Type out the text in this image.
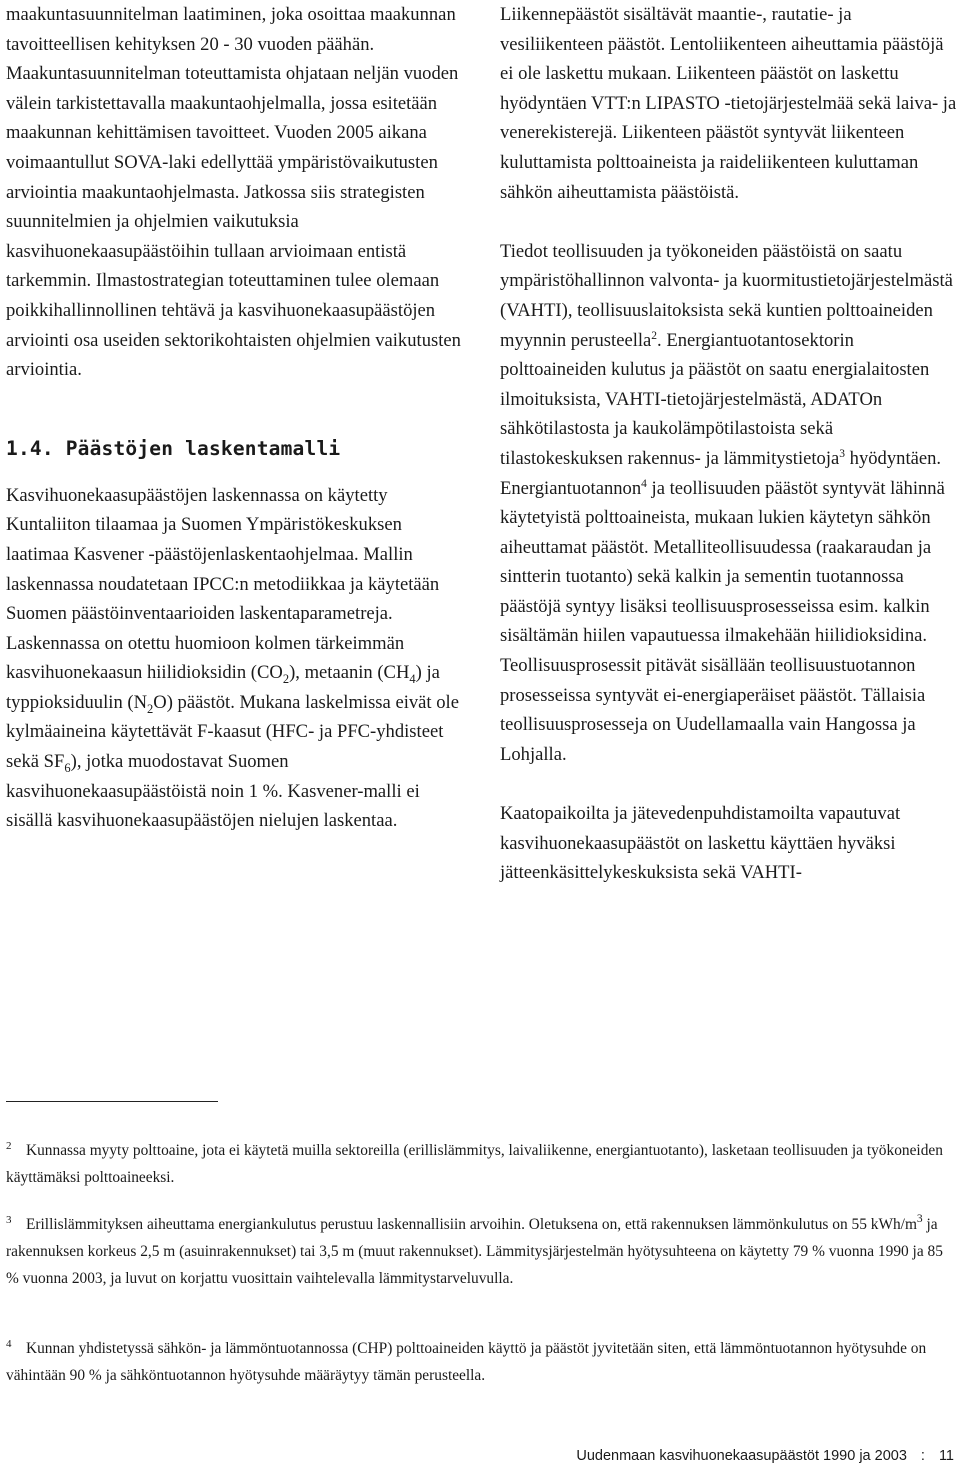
maakuntasuunnitelman laatiminen, joka osoittaa maakunnan tavoitteellisen kehityksen 20 - 30 vuoden päähän. Maakuntasuunnitelman toteuttamista ohjataan neljän vuoden välein tarkistettavalla maakuntaohjelmalla, jossa esitetään maakunnan kehittämisen tavoitteet. Vuoden 2005 aikana voimaantullut SOVA-laki edellyttää ympäristövaikutusten arviointia maakuntaohjelmasta. Jatkossa siis strategisten suunnitelmien ja ohjelmien vaikutuksia kasvihuonekaasupäästöihin tullaan arvioimaan entistä tarkemmin. Ilmastostrategian toteuttaminen tulee olemaan poikkihallinnollinen tehtävä ja kasvihuonekaasupäästöjen arviointi osa useiden sektorikohtaisten ohjelmien vaikutusten arviointia.

1.4. Päästöjen laskentamalli

Kasvihuonekaasupäästöjen laskennassa on käytetty Kuntaliiton tilaamaa ja Suomen Ympäristökeskuksen laatimaa Kasvener -päästöjenlaskentaohjelmaa. Mallin laskennassa noudatetaan IPCC:n metodiikkaa ja käytetään Suomen päästöinventaarioiden laskentaparametreja. Laskennassa on otettu huomioon kolmen tärkeimmän kasvihuonekaasun hiilidioksidin $(CO_2)$, metaanin $(CH_4)$ ja typpioksiduulin $(N_2O)$ päästöt. Mukana laskelmissa eivät ole kylmäaineina käytettävät F-kaasut (HFC- ja PFC-yhdisteet sekä $SF_6$), jotka muodostavat Suomen kasvihuonekaasupäästöistä noin 1 %. Kasvener-malli ei sisällä kasvihuonekaasupäästöjen nielujen laskentaa.

Liikennepäästöt sisältävät maantie-, rautatie- ja vesiliikenteen päästöt. Lentoliikenteen aiheuttamia päästöjä ei ole laskettu mukaan. Liikenteen päästöt on laskettu hyödyntäen VTT:n LIPASTO -tietojärjestelmää sekä laiva- ja venerekisterejä. Liikenteen päästöt syntyvät liikenteen kuluttamista polttoaineista ja raideliikenteen kuluttaman sähkön aiheuttamista päästöistä.

Tiedot teollisuuden ja työkoneiden päästöistä on saatu ympäristöhallinnon valvonta- ja kuormitustietojärjestelmästä (VAHTI), teollisuuslaitoksista sekä kuntien polttoaineiden myynnin perusteella$^2$. Energiantuotantosektorin polttoaineiden kulutus ja päästöt on saatu energialaitosten ilmoituksista, VAHTI-tietojärjestelmästä, ADATOn sähkötilastosta ja kaukolämpötilastoista sekä tilastokeskuksen rakennus- ja lämmitystietoja$^3$ hyödyntäen. Energiantuotannon$^4$ ja teollisuuden päästöt syntyvät lähinnä käytetyistä polttoaineista, mukaan lukien käytetyn sähkön aiheuttamat päästöt. Metalliteollisuudessa (raakaraudan ja sintterin tuotanto) sekä kalkin ja sementin tuotannossa päästöjä syntyy lisäksi teollisuusprosesseissa esim. kalkin sisältämän hiilen vapautuessa ilmakehään hiilidioksidina. Teollisuusprosessit pitävät sisällään teollisuustuotannon prosesseissa syntyvät ei-energiaperäiset päästöt. Tällaisia teollisuusprosesseja on Uudellamaalla vain Hangossa ja Lohjalla.

Kaatopaikoilta ja jätevedenpuhdistamoilta vapautuvat kasvihuonekaasupäästöt on laskettu käyttäen hyväksi jätteenkäsittelykeskuksista sekä VAHTI-

2 Kunnassa myyty polttoaine, jota ei käytetä muilla sektoreilla (erillislämmitys, laivaliikenne, energiantuotanto), lasketaan teollisuuden ja työkoneiden käyttämäksi polttoaineeksi.

3 Erillislämmityksen aiheuttama energiankulutus perustuu laskennallisiin arvoihin. Oletuksena on, että rakennuksen lämmönkulutus on 55 kWh/$m^3$ ja rakennuksen korkeus 2,5 m (asuinrakennukset) tai 3,5 m (muut rakennukset). Lämmitysjärjestelmän hyötysuhteena on käytetty 79 % vuonna 1990 ja 85 % vuonna 2003, ja luvut on korjattu vuosittain vaihtelevalla lämmitystarveluvulla.

4 Kunnan yhdistetyssä sähkön- ja lämmöntuotannossa (CHP) polttoaineiden käyttö ja päästöt jyvitetään siten, että lämmöntuotannon hyötysuhde on vähintään 90 % ja sähköntuotannon hyötysuhde määräytyy tämän perusteella.

Uudenmaan kasvihuonekaasupäästöt 1990 ja 2003 : 11
